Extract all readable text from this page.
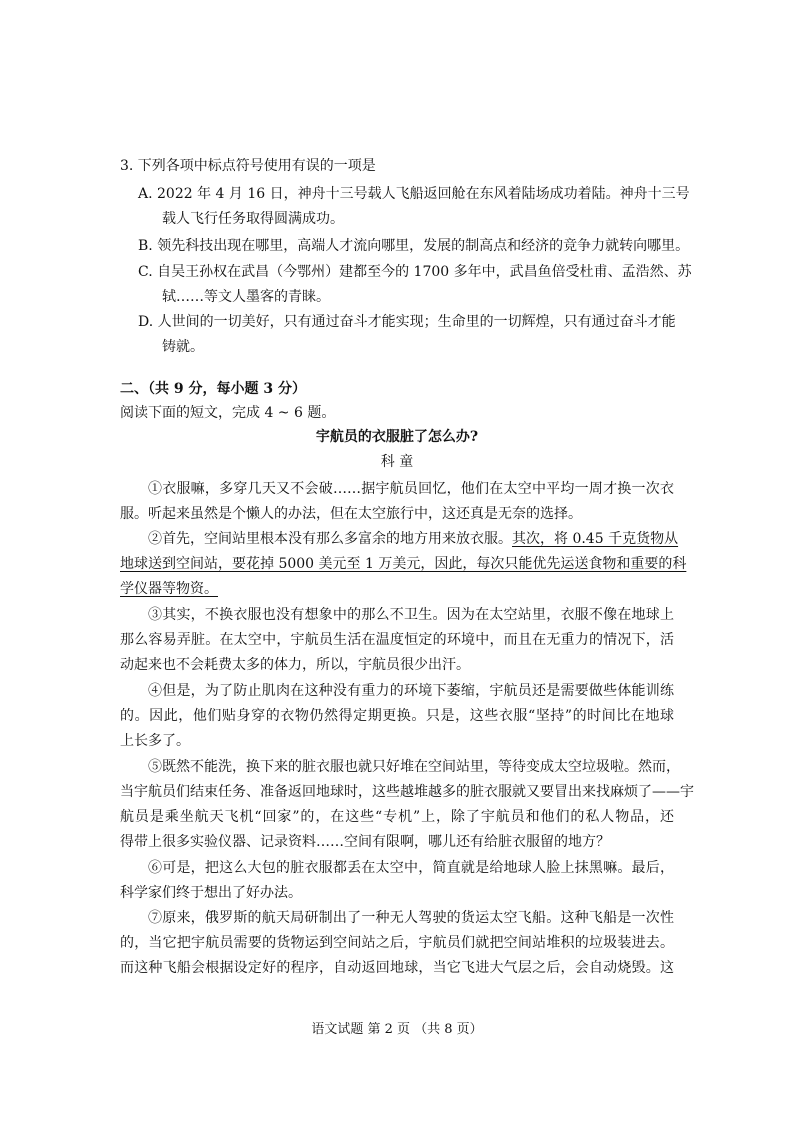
3. 下列各项中标点符号使用有误的一项是
A. 2022 年 4 月 16 日，神舟十三号载人飞船返回舱在东风着陆场成功着陆。神舟十三号
载人飞行任务取得圆满成功。
B. 领先科技出现在哪里，高端人才流向哪里，发展的制高点和经济的竞争力就转向哪里。
C. 自吴王孙权在武昌（今鄂州）建都至今的 1700 多年中，武昌鱼倍受杜甫、孟浩然、苏
轼……等文人墨客的青睐。
D. 人世间的一切美好，只有通过奋斗才能实现；生命里的一切辉煌，只有通过奋斗才能
铸就。
二、（共 9 分，每小题 3 分）
阅读下面的短文，完成 4 ~ 6 题。
宇航员的衣服脏了怎么办?
科 童
①衣服嘛，多穿几天又不会破……据宇航员回忆，他们在太空中平均一周才换一次衣
服。听起来虽然是个懒人的办法，但在太空旅行中，这还真是无奈的选择。
②首先，空间站里根本没有那么多富余的地方用来放衣服。其次，将 0.45 千克货物从
地球送到空间站，要花掉 5000 美元至 1 万美元，因此，每次只能优先运送食物和重要的科
学仪器等物资。
③其实，不换衣服也没有想象中的那么不卫生。因为在太空站里，衣服不像在地球上
那么容易弄脏。在太空中，宇航员生活在温度恒定的环境中，而且在无重力的情况下，活
动起来也不会耗费太多的体力，所以，宇航员很少出汗。
④但是，为了防止肌肉在这种没有重力的环境下萎缩，宇航员还是需要做些体能训练
的。因此，他们贴身穿的衣物仍然得定期更换。只是，这些衣服“坚持”的时间比在地球
上长多了。
⑤既然不能洗，换下来的脏衣服也就只好堆在空间站里，等待变成太空垃圾啦。然而，
当宇航员们结束任务、准备返回地球时，这些越堆越多的脏衣服就又要冒出来找麻烦了——宇
航员是乘坐航天飞机“回家”的，在这些“专机”上，除了宇航员和他们的私人物品，还
得带上很多实验仪器、记录资料……空间有限啊，哪儿还有给脏衣服留的地方？
⑥可是，把这么大包的脏衣服都丢在太空中，简直就是给地球人脸上抹黑嘛。最后，
科学家们终于想出了好办法。
⑦原来，俄罗斯的航天局研制出了一种无人驾驶的货运太空飞船。这种飞船是一次性
的，当它把宇航员需要的货物运到空间站之后，宇航员们就把空间站堆积的垃圾装进去。
而这种飞船会根据设定好的程序，自动返回地球，当它飞进大气层之后，会自动烧毁。这
语文试题 第 2 页 （共 8 页）
